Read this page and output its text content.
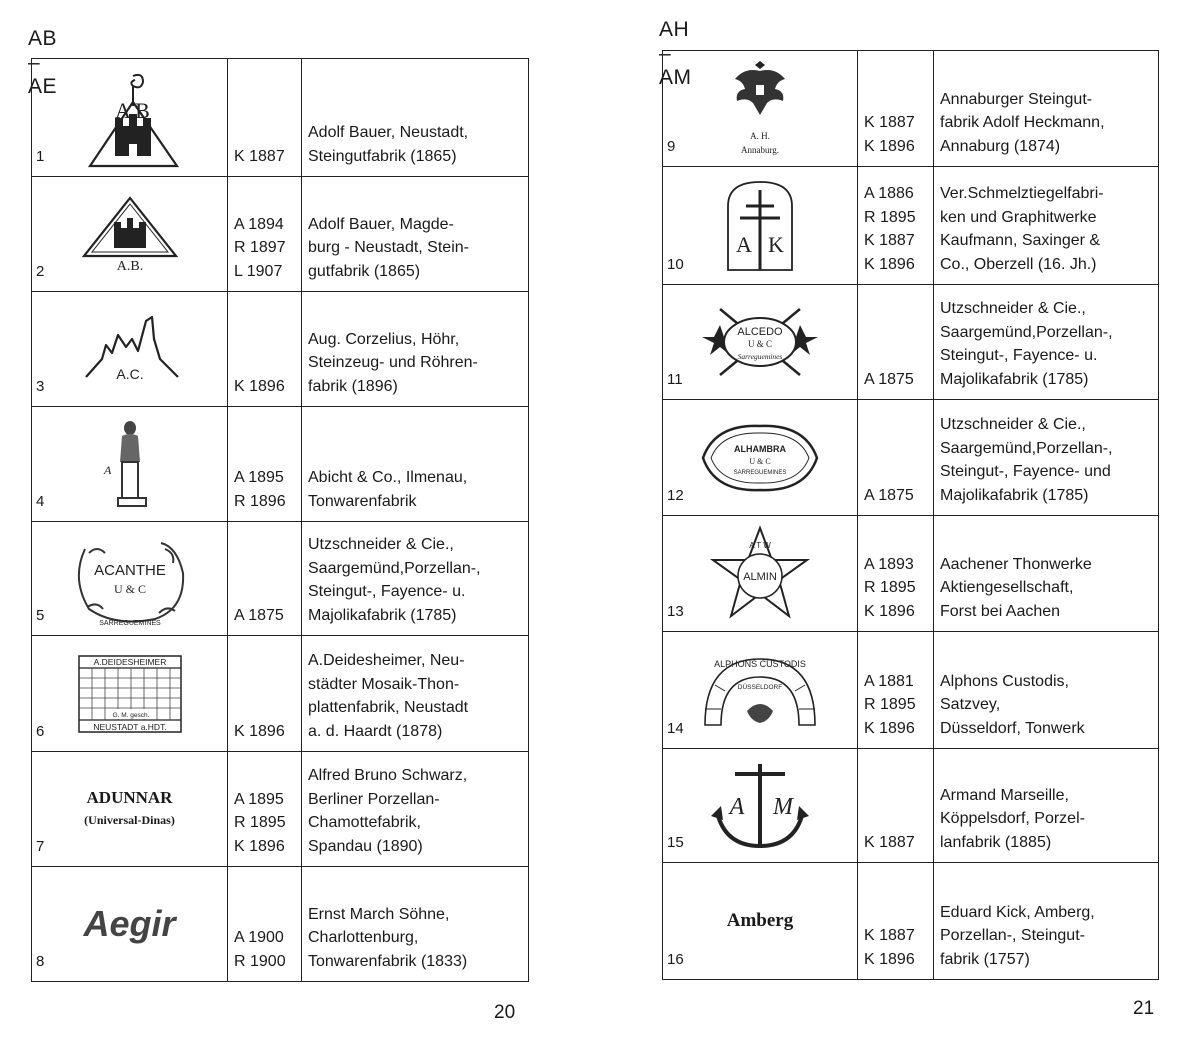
AB – AE
1
A B	K 1887	Adolf Bauer, Neustadt,
Steingutfabrik (1865)

2 A.B.	A 1894
R 1897
L 1907	Adolf Bauer, Magde-
burg - Neustadt, Stein-
gutfabrik (1865)

3
A.C.	K 1896	Aug. Corzelius, Höhr,
Steinzeug- und Röhren-
fabrik (1896)

4
A	A 1895
R 1896	Abicht & Co., Ilmenau,
Tonwarenfabrik

5
ACANTHE
U & C
SARREGUEMINES	A 1875	Utzschneider & Cie.,
Saargemünd,Porzellan-,
Steingut-, Fayence- u.
Majolikafabrik (1785)

6
A.DEIDESHEIMER
G. M. gesch.
NEUSTADT a.HDT.	K 1896	A.Deidesheimer, Neu-
städter Mosaik-Thon-
plattenfabrik, Neustadt
a. d. Haardt (1878)

7
ADUNNAR
(Universal-Dinas)	A 1895
R 1895
K 1896	Alfred Bruno Schwarz,
Berliner Porzellan-
Chamottefabrik,
Spandau (1890)

8
Aegir	A 1900
R 1900	Ernst March Söhne,
Charlottenburg,
Tonwarenfabrik (1833)
20
AH – AM
9
A. H.
Annaburg.	K 1887
K 1896	Annaburger Steingut-
fabrik Adolf Heckmann,
Annaburg (1874)

10
A K	A 1886
R 1895
K 1887
K 1896	Ver.Schmelztiegelfabri-
ken und Graphitwerke
Kaufmann, Saxinger &
Co., Oberzell (16. Jh.)

11
ALCEDO
U & C
Sarreguemines	A 1875	Utzschneider & Cie.,
Saargemünd,Porzellan-,
Steingut-, Fayence- u.
Majolikafabrik (1785)

12
ALHAMBRA
U & C
SARREGUEMINES	A 1875	Utzschneider & Cie.,
Saargemünd,Porzellan-,
Steingut-, Fayence- und
Majolikafabrik (1785)

13
ALMIN
A T W	A 1893
R 1895
K 1896	Aachener Thonwerke
Aktiengesellschaft,
Forst bei Aachen

14
ALPHONS CUSTODIS
DÜSSELDORF	A 1881
R 1895
K 1896	Alphons Custodis,
Satzvey,
Düsseldorf, Tonwerk

15
A M	K 1887	Armand Marseille,
Köppelsdorf, Porzel-
lanfabrik (1885)

16
Amberg	K 1887
K 1896	Eduard Kick, Amberg,
Porzellan-, Steingut-
fabrik (1757)
21
